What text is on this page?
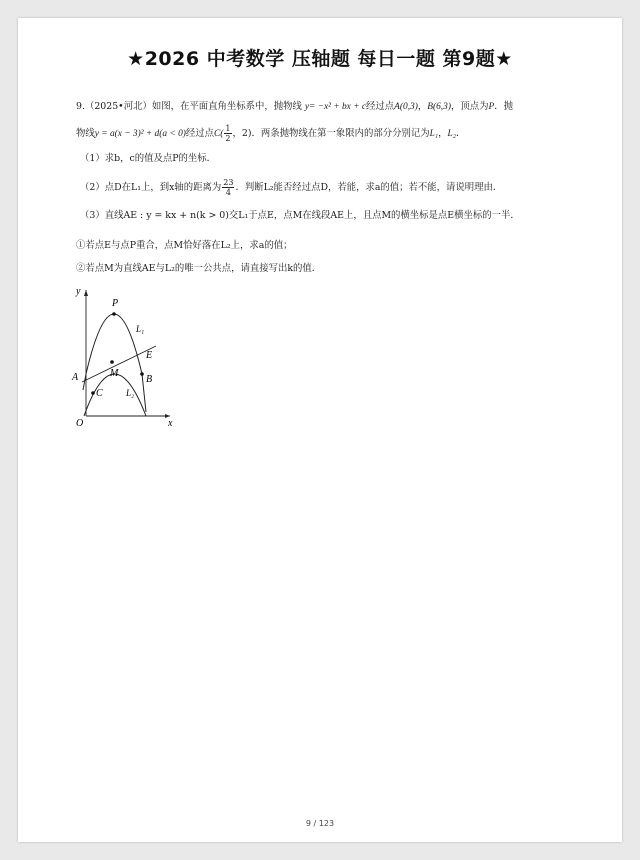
★2026 中考数学 压轴题 每日一题 第9题★
9.（2025•河北）如图，在平面直角坐标系中，抛物线 y= −x² + bx + c经过点A(0,3)，B(6,3)，顶点为P．抛
物线y = a(x − 3)² + d(a < 0)经过点$C( \frac{1}{2}$ ，2)．两条抛物线在第一象限内的部分分别记为L₁，L₂．
（1）求b，c的值及点P的坐标．
（2）点D在L₁上，到x轴的距离为 $\frac{23}{4}$ ．判断L₂能否经过点D，若能，求a的值；若不能，请说明理由．
（3）直线AE : y = kx + n(k > 0)交L₁于点E，点M在线段AE上，且点M的横坐标是点E横坐标的一半．
①若点E与点P重合，点M恰好落在L₂上，求a的值；
②若点M为直线AE与L₂的唯一公共点，请直接写出k的值．
y
x
O
P
L₁
E
A	M
B
C	L₂
9 / 123
